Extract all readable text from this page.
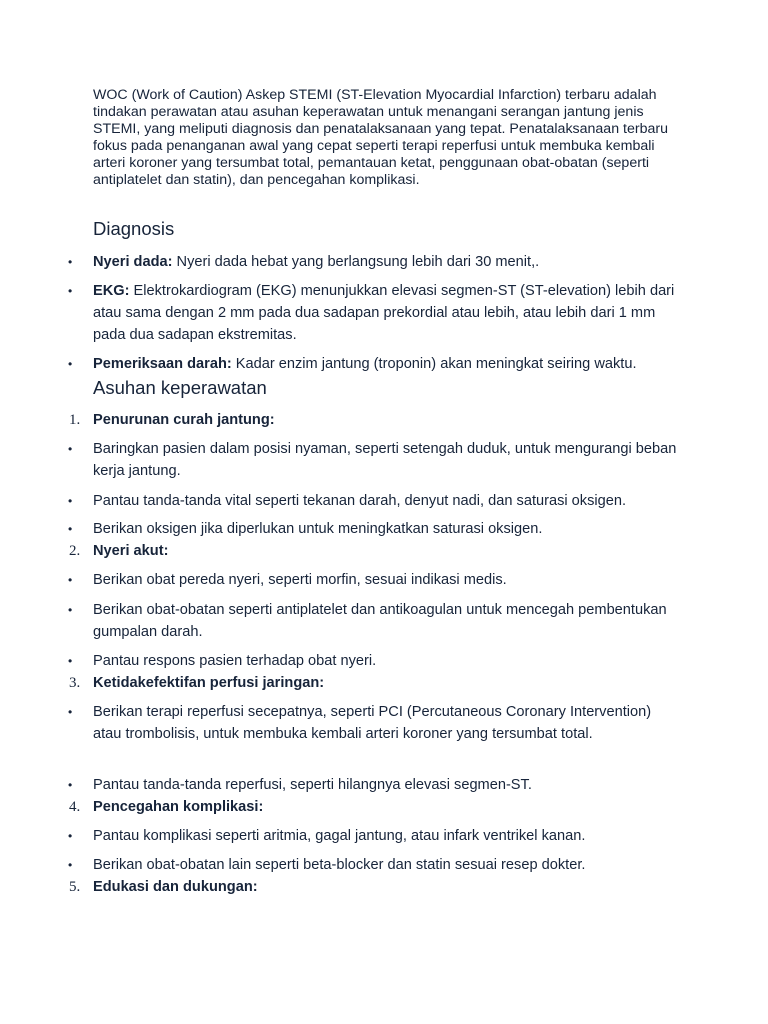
WOC (Work of Caution) Askep STEMI (ST-Elevation Myocardial Infarction) terbaru adalah tindakan perawatan atau asuhan keperawatan untuk menangani serangan jantung jenis STEMI, yang meliputi diagnosis dan penatalaksanaan yang tepat. Penatalaksanaan terbaru fokus pada penanganan awal yang cepat seperti terapi reperfusi untuk membuka kembali arteri koroner yang tersumbat total, pemantauan ketat, penggunaan obat-obatan (seperti antiplatelet dan statin), dan pencegahan komplikasi.

Diagnosis
•	Nyeri dada: Nyeri dada hebat yang berlangsung lebih dari 30 menit,.
•	EKG: Elektrokardiogram (EKG) menunjukkan elevasi segmen-ST (ST-elevation) lebih dari atau sama dengan 2 mm pada dua sadapan prekordial atau lebih, atau lebih dari 1 mm pada dua sadapan ekstremitas.
•	Pemeriksaan darah: Kadar enzim jantung (troponin) akan meningkat seiring waktu.
Asuhan keperawatan
1. Penurunan curah jantung:
•	Baringkan pasien dalam posisi nyaman, seperti setengah duduk, untuk mengurangi beban kerja jantung.
•	Pantau tanda-tanda vital seperti tekanan darah, denyut nadi, dan saturasi oksigen.
•	Berikan oksigen jika diperlukan untuk meningkatkan saturasi oksigen.
2. Nyeri akut:
•	Berikan obat pereda nyeri, seperti morfin, sesuai indikasi medis.
•	Berikan obat-obatan seperti antiplatelet dan antikoagulan untuk mencegah pembentukan gumpalan darah.
•	Pantau respons pasien terhadap obat nyeri.
3. Ketidakefektifan perfusi jaringan:
•	Berikan terapi reperfusi secepatnya, seperti PCI (Percutaneous Coronary Intervention) atau trombolisis, untuk membuka kembali arteri koroner yang tersumbat total.
•	Pantau tanda-tanda reperfusi, seperti hilangnya elevasi segmen-ST.
4. Pencegahan komplikasi:
•	Pantau komplikasi seperti aritmia, gagal jantung, atau infark ventrikel kanan.
•	Berikan obat-obatan lain seperti beta-blocker dan statin sesuai resep dokter.
5. Edukasi dan dukungan:
